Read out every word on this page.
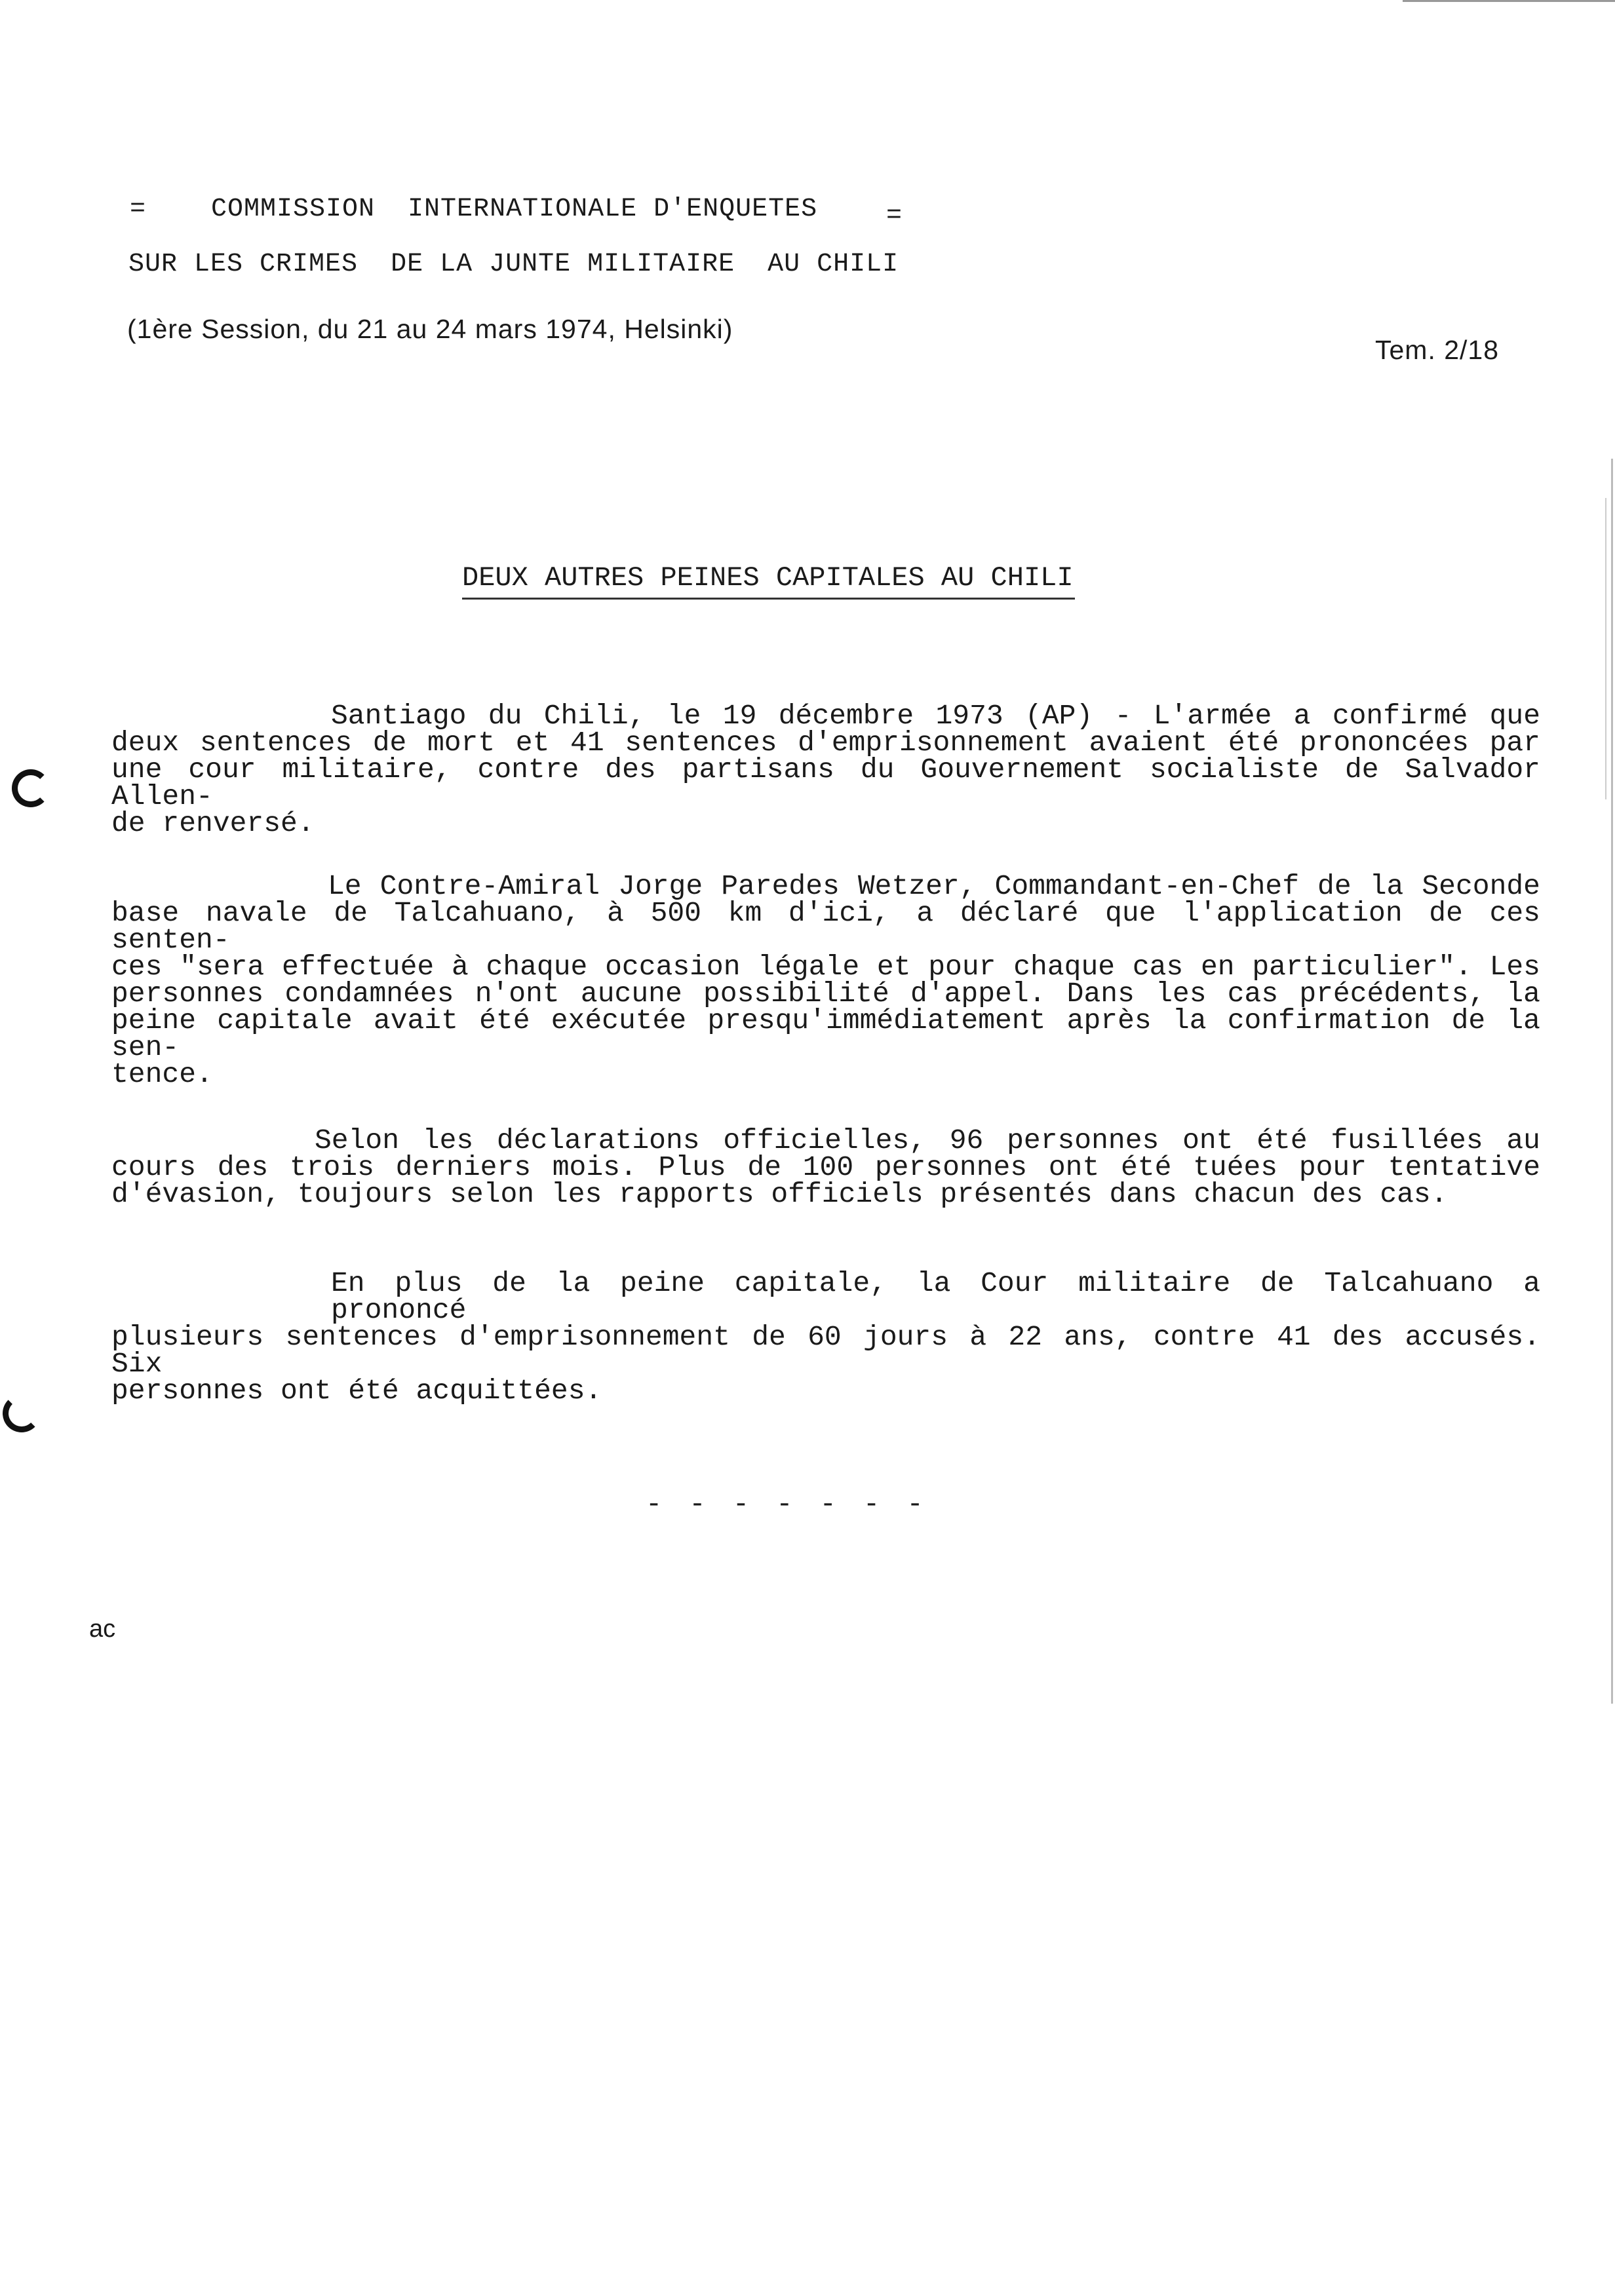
= COMMISSION  INTERNATIONALE D'ENQUETES	=
SUR LES CRIMES  DE LA JUNTE MILITAIRE  AU CHILI
(1ère Session, du 21 au 24 mars 1974, Helsinki)
Tem. 2/18
DEUX AUTRES PEINES CAPITALES AU CHILI
Santiago du Chili, le 19 décembre 1973 (AP) - L'armée a confirmé que
deux sentences de mort et 41 sentences d'emprisonnement avaient été prononcées par
une cour militaire, contre des partisans du Gouvernement socialiste de Salvador Allen-
de renversé.
Le Contre-Amiral Jorge Paredes Wetzer, Commandant-en-Chef de la Seconde
base navale de Talcahuano, à 500 km d'ici, a déclaré que l'application de ces senten-
ces "sera effectuée à chaque occasion légale et pour chaque cas en particulier". Les
personnes condamnées n'ont aucune possibilité d'appel. Dans les cas précédents, la
peine capitale avait été exécutée presqu'immédiatement après la confirmation de la sen-
tence.
Selon les déclarations officielles, 96 personnes ont été fusillées au
cours des trois derniers mois. Plus de 100 personnes ont été tuées pour tentative
d'évasion, toujours selon les rapports officiels présentés dans chacun des cas.
En plus de la peine capitale, la Cour militaire de Talcahuano a prononcé
plusieurs sentences d'emprisonnement de 60 jours à 22 ans, contre 41 des accusés. Six
personnes ont été acquittées.
- - - - - - -
ac
